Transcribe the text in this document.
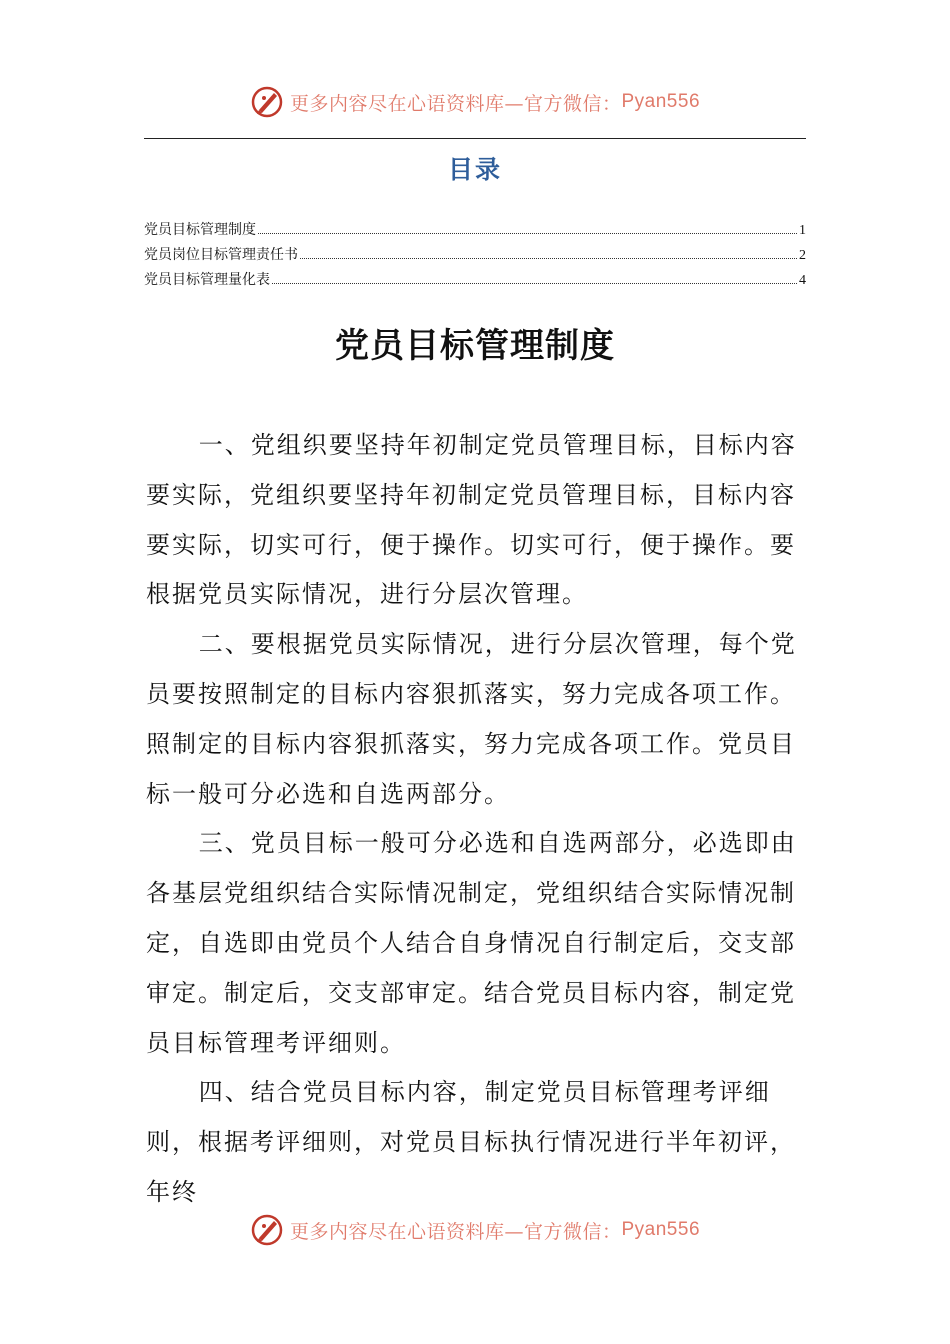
更多内容尽在心语资料库—官方微信： Pyan556
目录
党员目标管理制度	1
党员岗位目标管理责任书	2
党员目标管理量化表	4
党员目标管理制度

一、党组织要坚持年初制定党员管理目标，目标内容要实际，党组织要坚持年初制定党员管理目标，目标内容要实际，切实可行，便于操作。切实可行，便于操作。要根据党员实际情况，进行分层次管理。

二、要根据党员实际情况，进行分层次管理，每个党员要按照制定的目标内容狠抓落实，努力完成各项工作。照制定的目标内容狠抓落实，努力完成各项工作。党员目标一般可分必选和自选两部分。

三、党员目标一般可分必选和自选两部分，必选即由各基层党组织结合实际情况制定，党组织结合实际情况制定，自选即由党员个人结合自身情况自行制定后，交支部审定。制定后，交支部审定。结合党员目标内容，制定党员目标管理考评细则。

四、结合党员目标内容，制定党员目标管理考评细则，根据考评细则，对党员目标执行情况进行半年初评，年终

更多内容尽在心语资料库—官方微信： Pyan556
